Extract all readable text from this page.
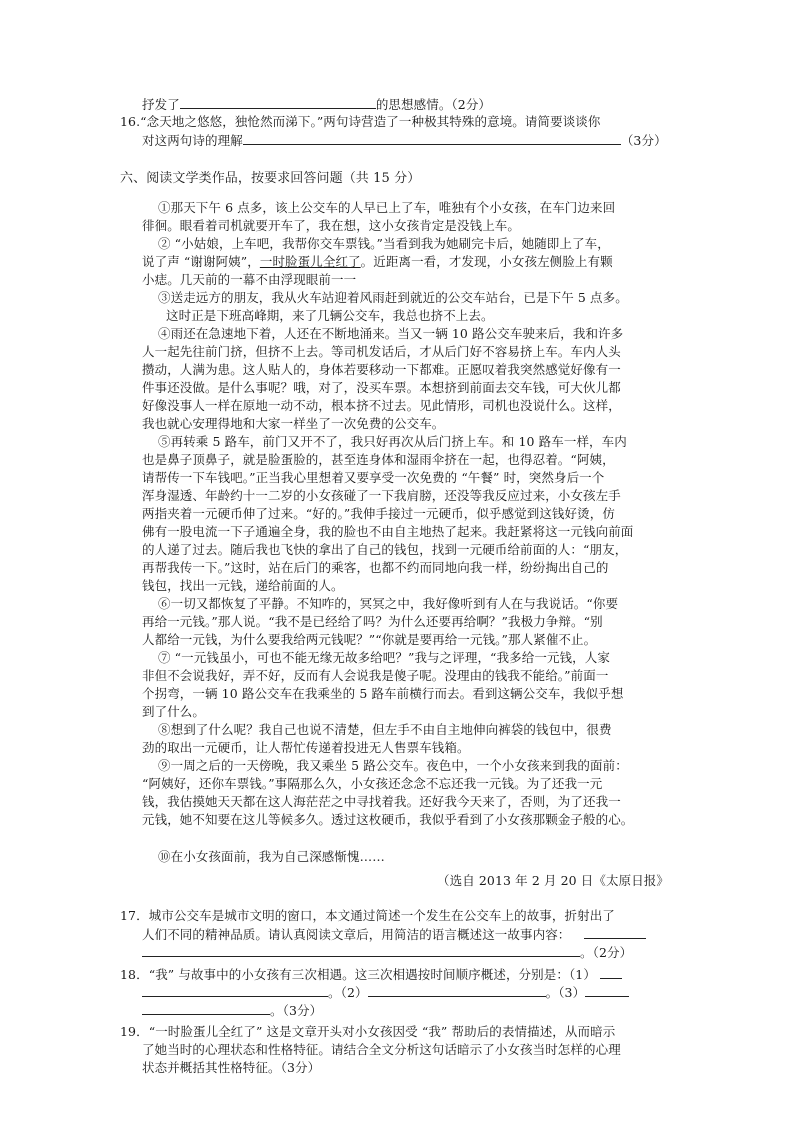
抒发了	的思想感情。（2分）
16.“念天地之悠悠，独怆然而涕下。”两句诗营造了一种极其特殊的意境。请简要谈谈你
对这两句诗的理解	（3分）
六、阅读文学类作品，按要求回答问题（共 15 分）
①那天下午 6 点多，该上公交车的人早已上了车，唯独有个小女孩，在车门边来回
徘徊。眼看着司机就要开车了，我在想，这小女孩肯定是没钱上车。
② “小姑娘，上车吧，我帮你交车票钱。”当看到我为她刷完卡后，她随即上了车，
说了声 “谢谢阿姨”，一时脸蛋儿全红了。近距离一看，才发现，小女孩左侧脸上有颗
小痣。几天前的一幕不由浮现眼前一一
③送走远方的朋友，我从火车站迎着风雨赶到就近的公交车站台，已是下午 5 点多。
这时正是下班高峰期，来了几辆公交车，我总也挤不上去。
④雨还在急速地下着，人还在不断地涌来。当又一辆 10 路公交车驶来后，我和许多
人一起先往前门挤，但挤不上去。等司机发话后，才从后门好不容易挤上车。车内人头
攒动，人满为患。这人贴人的，身体若要移动一下都难。正愿叹着我突然感觉好像有一
件事还没做。是什么事呢？哦，对了，没买车票。本想挤到前面去交车钱，可大伙儿都
好像没事人一样在原地一动不动，根本挤不过去。见此情形，司机也没说什么。这样，
我也就心安理得地和大家一样坐了一次免费的公交车。
⑤再转乘 5 路车，前门又开不了，我只好再次从后门挤上车。和 10 路车一样，车内
也是鼻子顶鼻子，就是脸蛋脸的，甚至连身体和湿雨伞挤在一起，也得忍着。“阿姨，
请帮传一下车钱吧。”正当我心里想着又要享受一次免费的 “午餐” 时，突然身后一个
浑身湿透、年龄约十一二岁的小女孩碰了一下我肩膀，还没等我反应过来，小女孩左手
两指夹着一元硬币伸了过来。“好的。”我伸手接过一元硬币，似乎感觉到这钱好烫，仿
佛有一股电流一下子通遍全身，我的脸也不由自主地热了起来。我赶紧将这一元钱向前面
的人递了过去。随后我也飞快的拿出了自己的钱包，找到一元硬币给前面的人：“朋友，
再帮我传一下。”这时，站在后门的乘客，也都不约而同地向我一样，纷纷掏出自己的
钱包，找出一元钱，递给前面的人。
⑥一切又都恢复了平静。不知咋的，冥冥之中，我好像听到有人在与我说话。“你要
再给一元钱。”那人说。“我不是已经给了吗？为什么还要再给啊？”我极力争辩。“别
人都给一元钱，为什么要我给两元钱呢？”“你就是要再给一元钱。”那人紧催不止。
⑦ “一元钱虽小，可也不能无缘无故多给吧？”我与之评理，“我多给一元钱，人家
非但不会说我好，弄不好，反而有人会说我是傻子呢。没理由的钱我不能给。”前面一
个拐弯，一辆 10 路公交车在我乘坐的 5 路车前横行而去。看到这辆公交车，我似乎想
到了什么。
⑧想到了什么呢？我自己也说不清楚，但左手不由自主地伸向裤袋的钱包中，很费
劲的取出一元硬币，让人帮忙传递着投进无人售票车钱箱。
⑨一周之后的一天傍晚，我又乘坐 5 路公交车。夜色中，一个小女孩来到我的面前：
“阿姨好，还你车票钱。”事隔那么久，小女孩还念念不忘还我一元钱。为了还我一元
钱，我估摸她天天都在这人海茫茫之中寻找着我。还好我今天来了，否则，为了还我一
元钱，她不知要在这儿等候多久。透过这枚硬币，我似乎看到了小女孩那颗金子般的心。
⑩在小女孩面前，我为自己深感惭愧……
（选自 2013 年 2 月 20 日《太原日报》
17．城市公交车是城市文明的窗口，本文通过简述一个发生在公交车上的故事，折射出了
人们不同的精神品质。请认真阅读文章后，用简洁的语言概述这一故事内容：
。（2分）
18．“我” 与故事中的小女孩有三次相遇。这三次相遇按时间顺序概述，分别是：（1）
。（2）	。（3）
。（3分）
19．“一时脸蛋儿全红了” 这是文章开头对小女孩因受 “我” 帮助后的表情描述，从而暗示
了她当时的心理状态和性格特征。请结合全文分析这句话暗示了小女孩当时怎样的心理
状态并概括其性格特征。（3分）
